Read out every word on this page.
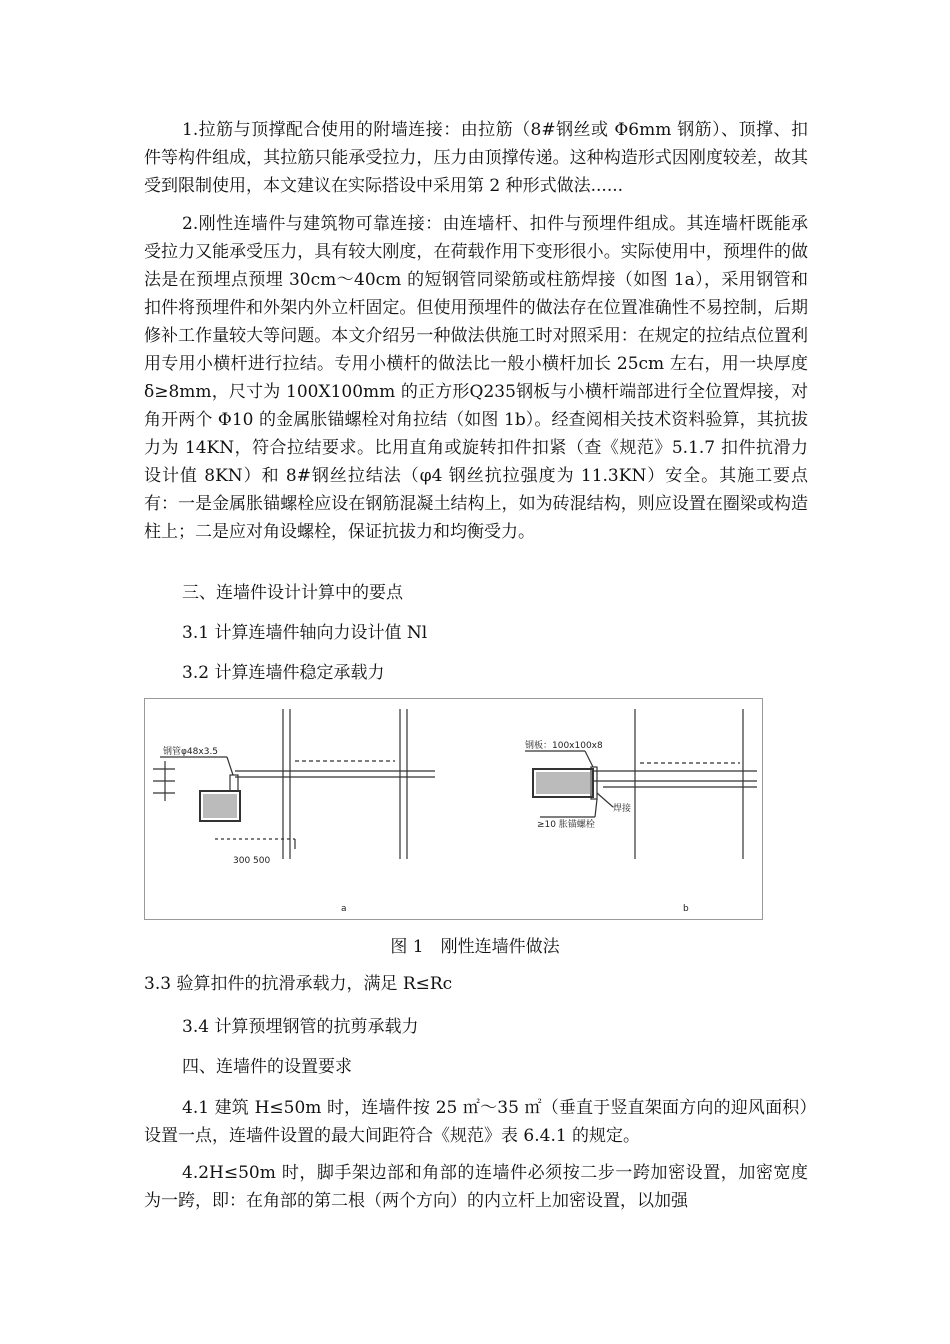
1.拉筋与顶撑配合使用的附墙连接：由拉筋（8#钢丝或 Φ6mm 钢筋）、顶撑、扣件等构件组成，其拉筋只能承受拉力，压力由顶撑传递。这种构造形式因刚度较差，故其受到限制使用，本文建议在实际搭设中采用第 2 种形式做法......

2.刚性连墙件与建筑物可靠连接：由连墙杆、扣件与预埋件组成。其连墙杆既能承受拉力又能承受压力，具有较大刚度，在荷载作用下变形很小。实际使用中，预埋件的做法是在预埋点预埋 30cm～40cm 的短钢管同梁筋或柱筋焊接（如图 1a），采用钢管和扣件将预埋件和外架内外立杆固定。但使用预埋件的做法存在位置准确性不易控制，后期修补工作量较大等问题。本文介绍另一种做法供施工时对照采用：在规定的拉结点位置利用专用小横杆进行拉结。专用小横杆的做法比一般小横杆加长 25cm 左右，用一块厚度 δ≥8mm，尺寸为 100X100mm 的正方形Q235钢板与小横杆端部进行全位置焊接，对角开两个 Φ10 的金属胀锚螺栓对角拉结（如图 1b）。经查阅相关技术资料验算，其抗拔力为 14KN，符合拉结要求。比用直角或旋转扣件扣紧（查《规范》5.1.7 扣件抗滑力设计值 8KN）和 8#钢丝拉结法（φ4 钢丝抗拉强度为 11.3KN）安全。其施工要点有：一是金属胀锚螺栓应设在钢筋混凝土结构上，如为砖混结构，则应设置在圈梁或构造柱上；二是应对角设螺栓，保证抗拔力和均衡受力。

三、连墙件设计计算中的要点

3.1 计算连墙件轴向力设计值 Nl

3.2 计算连墙件稳定承载力

钢管φ48x3.5
300 500
a
钢板：100x100x8
焊接
≥10 胀锚螺栓
b

图 1　刚性连墙件做法

3.3 验算扣件的抗滑承载力，满足 R≤Rc

3.4 计算预埋钢管的抗剪承载力

四、连墙件的设置要求

4.1 建筑 H≤50m 时，连墙件按 25 ㎡～35 ㎡（垂直于竖直架面方向的迎风面积）设置一点，连墙件设置的最大间距符合《规范》表 6.4.1 的规定。

4.2H≤50m 时，脚手架边部和角部的连墙件必须按二步一跨加密设置，加密宽度为一跨，即：在角部的第二根（两个方向）的内立杆上加密设置，以加强
